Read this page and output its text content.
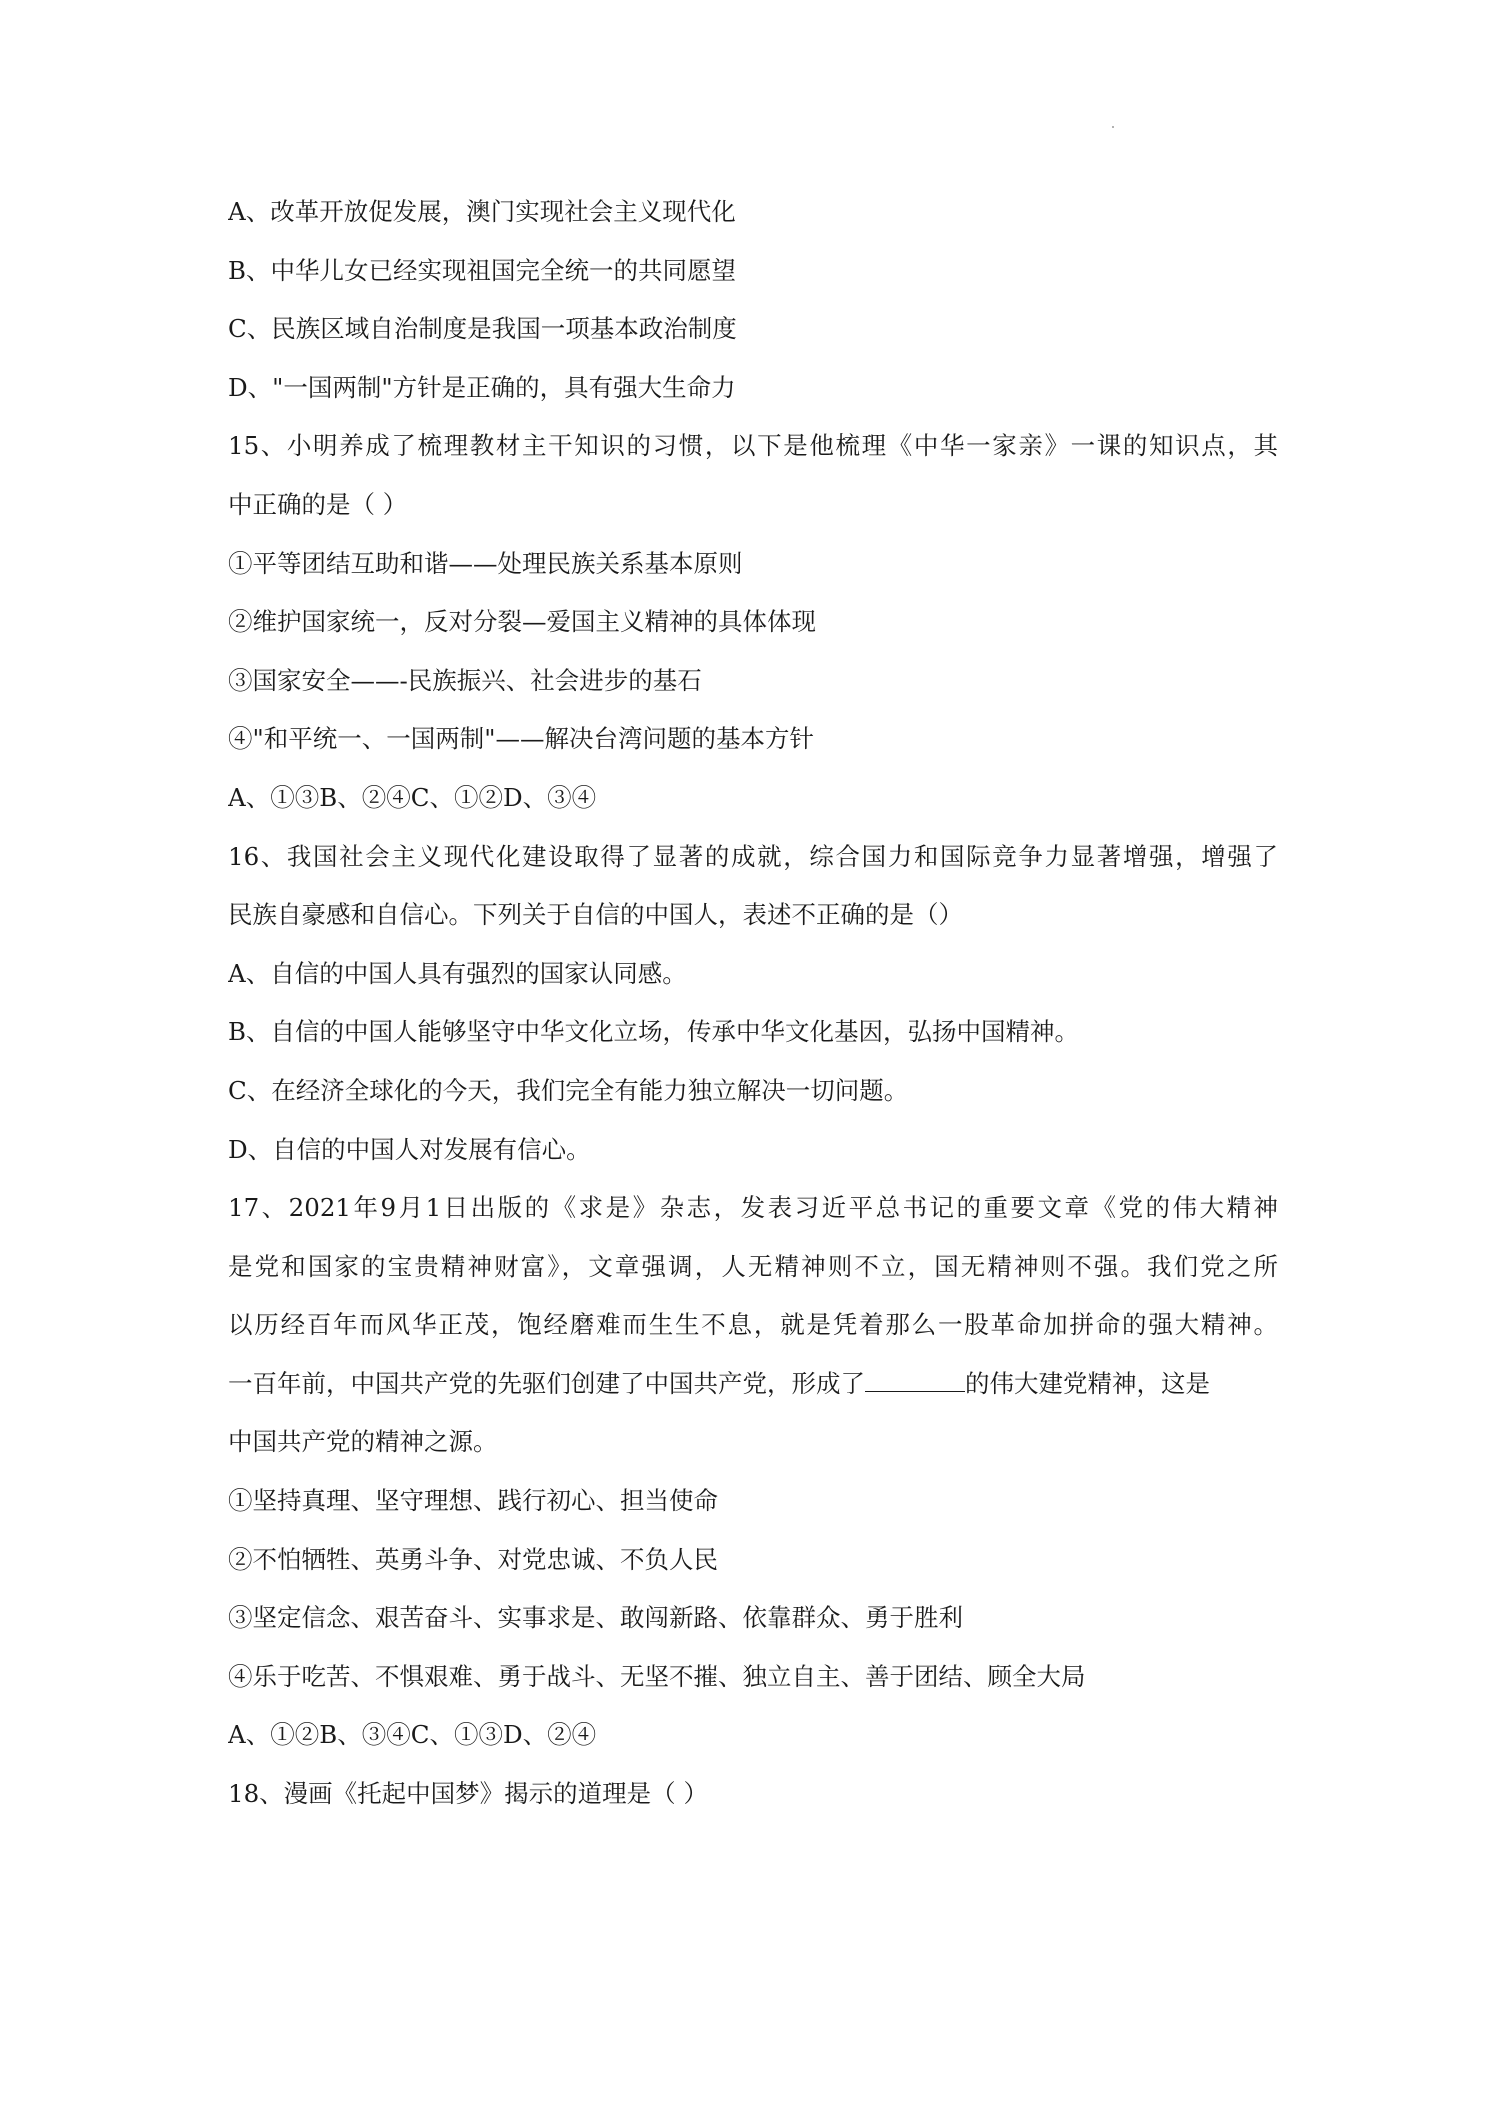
A、改革开放促发展，澳门实现社会主义现代化
B、中华儿女已经实现祖国完全统一的共同愿望
C、民族区域自治制度是我国一项基本政治制度
D、"一国两制"方针是正确的，具有强大生命力
15、小明养成了梳理教材主干知识的习惯，以下是他梳理《中华一家亲》一课的知识点，其
中正确的是（ ）
①平等团结互助和谐——处理民族关系基本原则
②维护国家统一，反对分裂—爱国主义精神的具体体现
③国家安全——-民族振兴、社会进步的基石
④"和平统一、一国两制"——解决台湾问题的基本方针
A、①③B、②④C、①②D、③④
16、我国社会主义现代化建设取得了显著的成就，综合国力和国际竞争力显著增强，增强了
民族自豪感和自信心。下列关于自信的中国人，表述不正确的是（）
A、自信的中国人具有强烈的国家认同感。
B、自信的中国人能够坚守中华文化立场，传承中华文化基因，弘扬中国精神。
C、在经济全球化的今天，我们完全有能力独立解决一切问题。
D、自信的中国人对发展有信心。
17、2021年9月1日出版的《求是》杂志，发表习近平总书记的重要文章《党的伟大精神
是党和国家的宝贵精神财富》，文章强调，人无精神则不立，国无精神则不强。我们党之所
以历经百年而风华正茂，饱经磨难而生生不息，就是凭着那么一股革命加拼命的强大精神。
一百年前，中国共产党的先驱们创建了中国共产党，形成了	的伟大建党精神，这是
中国共产党的精神之源。
①坚持真理、坚守理想、践行初心、担当使命
②不怕牺牲、英勇斗争、对党忠诚、不负人民
③坚定信念、艰苦奋斗、实事求是、敢闯新路、依靠群众、勇于胜利
④乐于吃苦、不惧艰难、勇于战斗、无坚不摧、独立自主、善于团结、顾全大局
A、①②B、③④C、①③D、②④
18、漫画《托起中国梦》揭示的道理是（ ）
